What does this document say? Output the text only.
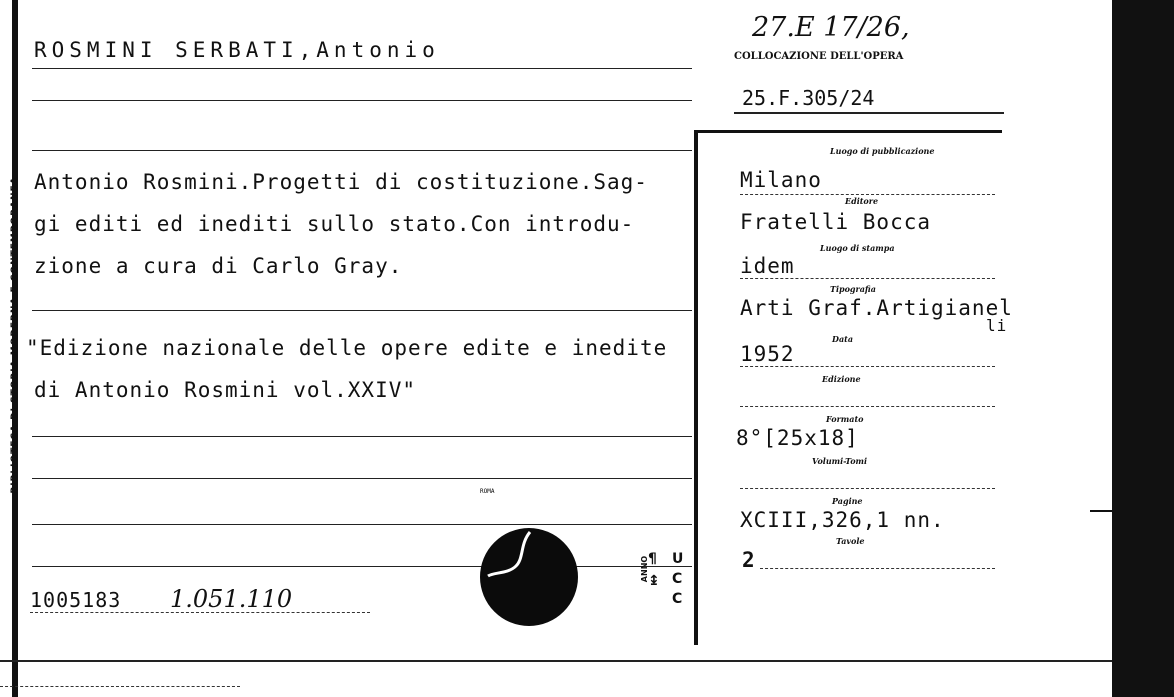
BIBLIOTECA DI STORIA MODERNA E CONTEMPORANEA
ROSMINI SERBATI,Antonio
27.E 17/26,
COLLOCAZIONE DELL'OPERA
25.F.305/24
Antonio Rosmini.Progetti di costituzione.Sag-
gi editi ed inediti sullo stato.Con introdu-
zione a cura di Carlo Gray.
"Edizione nazionale delle opere edite e inedite
di Antonio Rosmini vol.XXIV"
1005183 1.051.110
ROMA
ANNO
¶
↨
U
C
C
Luogo di pubblicazione
Milano
Editore
Fratelli Bocca
Luogo di stampa
idem
Tipografia
Arti Graf.Artigianel
li
Data
1952
Edizione
Formato
8°[25x18]
Volumi-Tomi
Pagine
XCIII,326,1 nn.
Tavole
2
